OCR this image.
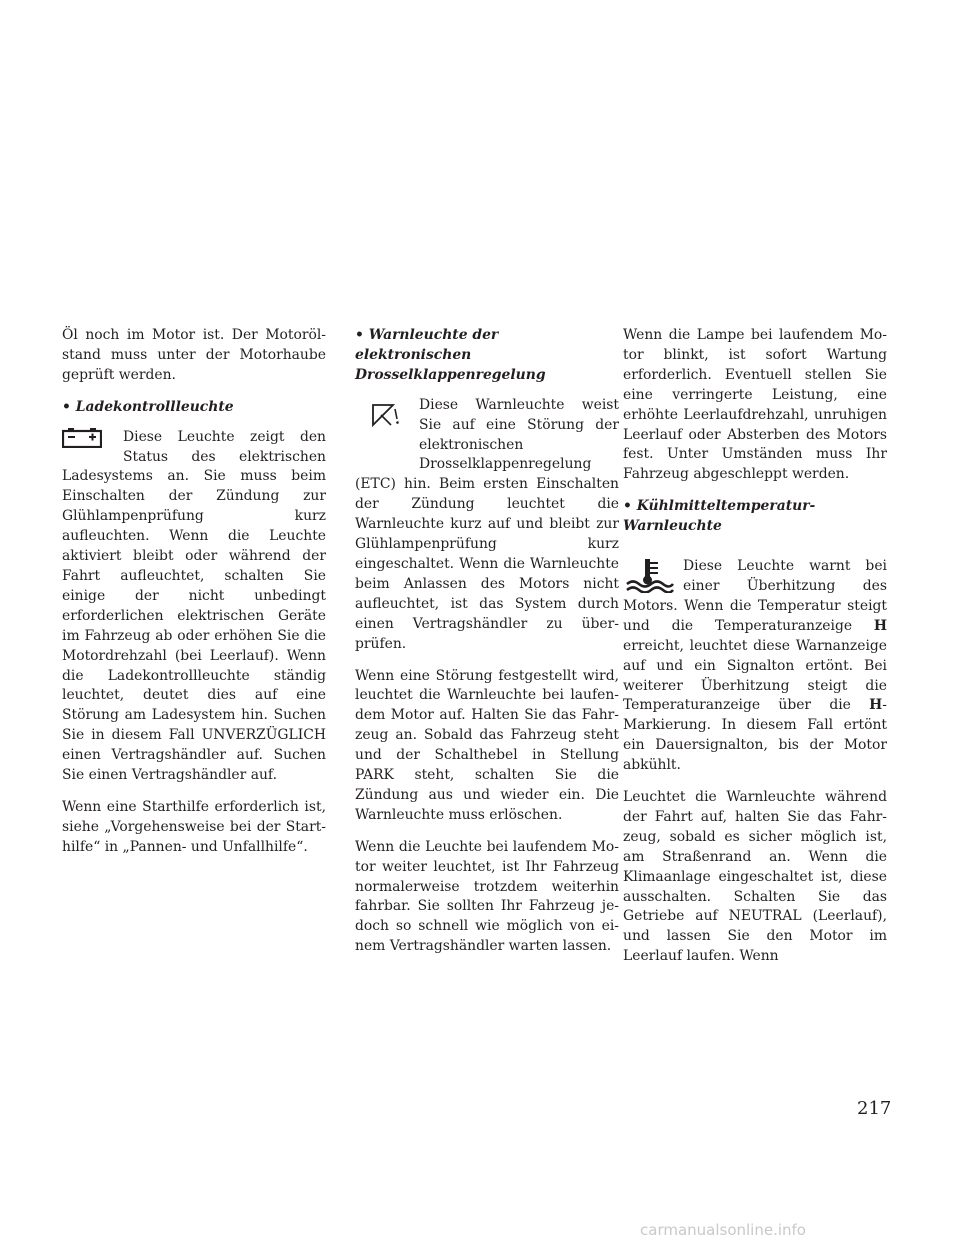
Öl noch im Motor ist. Der Motorölstand muss unter der Motorhaube geprüft werden.

• Ladekontrollleuchte

Diese Leuchte zeigt den Status des elektrischen Ladesystems an. Sie muss beim Einschalten der Zündung zur Glühlampenprüfung kurz aufleuchten. Wenn die Leuchte aktiviert bleibt oder während der Fahrt aufleuchtet, schalten Sie einige der nicht unbedingt erforderlichen elektrischen Geräte im Fahrzeug ab oder erhöhen Sie die Motordrehzahl (bei Leerlauf). Wenn die Ladekontrollleuchte ständig leuchtet, deutet dies auf eine Störung am Ladesystem hin. Suchen Sie in diesem Fall UNVERZÜGLICH einen Vertragshändler auf. Suchen Sie einen Vertragshändler auf.

Wenn eine Starthilfe erforderlich ist, siehe „Vorgehensweise bei der Starthilfe“ in „Pannen- und Unfallhilfe“.

• Warnleuchte der elektronischen Drosselklappenregelung

Diese Warnleuchte weist Sie auf eine Störung der elektronischen Drosselklappenregelung (ETC) hin. Beim ersten Einschalten der Zündung leuchtet die Warnleuchte kurz auf und bleibt zur Glühlampenprüfung kurz eingeschaltet. Wenn die Warnleuchte beim Anlassen des Motors nicht aufleuchtet, ist das System durch einen Vertragshändler zu überprüfen.

Wenn eine Störung festgestellt wird, leuchtet die Warnleuchte bei laufendem Motor auf. Halten Sie das Fahrzeug an. Sobald das Fahrzeug steht und der Schalthebel in Stellung PARK steht, schalten Sie die Zündung aus und wieder ein. Die Warnleuchte muss erlöschen.

Wenn die Leuchte bei laufendem Motor weiter leuchtet, ist Ihr Fahrzeug normalerweise trotzdem weiterhin fahrbar. Sie sollten Ihr Fahrzeug jedoch so schnell wie möglich von einem Vertragshändler warten lassen.

Wenn die Lampe bei laufendem Motor blinkt, ist sofort Wartung erforderlich. Eventuell stellen Sie eine verringerte Leistung, eine erhöhte Leerlaufdrehzahl, unruhigen Leerlauf oder Absterben des Motors fest. Unter Umständen muss Ihr Fahrzeug abgeschleppt werden.

• Kühlmitteltemperatur-Warnleuchte

Diese Leuchte warnt bei einer Überhitzung des Motors. Wenn die Temperatur steigt und die Temperaturanzeige H erreicht, leuchtet diese Warnanzeige auf und ein Signalton ertönt. Bei weiterer Überhitzung steigt die Temperaturanzeige über die H-Markierung. In diesem Fall ertönt ein Dauersignalton, bis der Motor abkühlt.

Leuchtet die Warnleuchte während der Fahrt auf, halten Sie das Fahrzeug, sobald es sicher möglich ist, am Straßenrand an. Wenn die Klimaanlage eingeschaltet ist, diese ausschalten. Schalten Sie das Getriebe auf NEUTRAL (Leerlauf), und lassen Sie den Motor im Leerlauf laufen. Wenn

217
carmanualsonline.info
